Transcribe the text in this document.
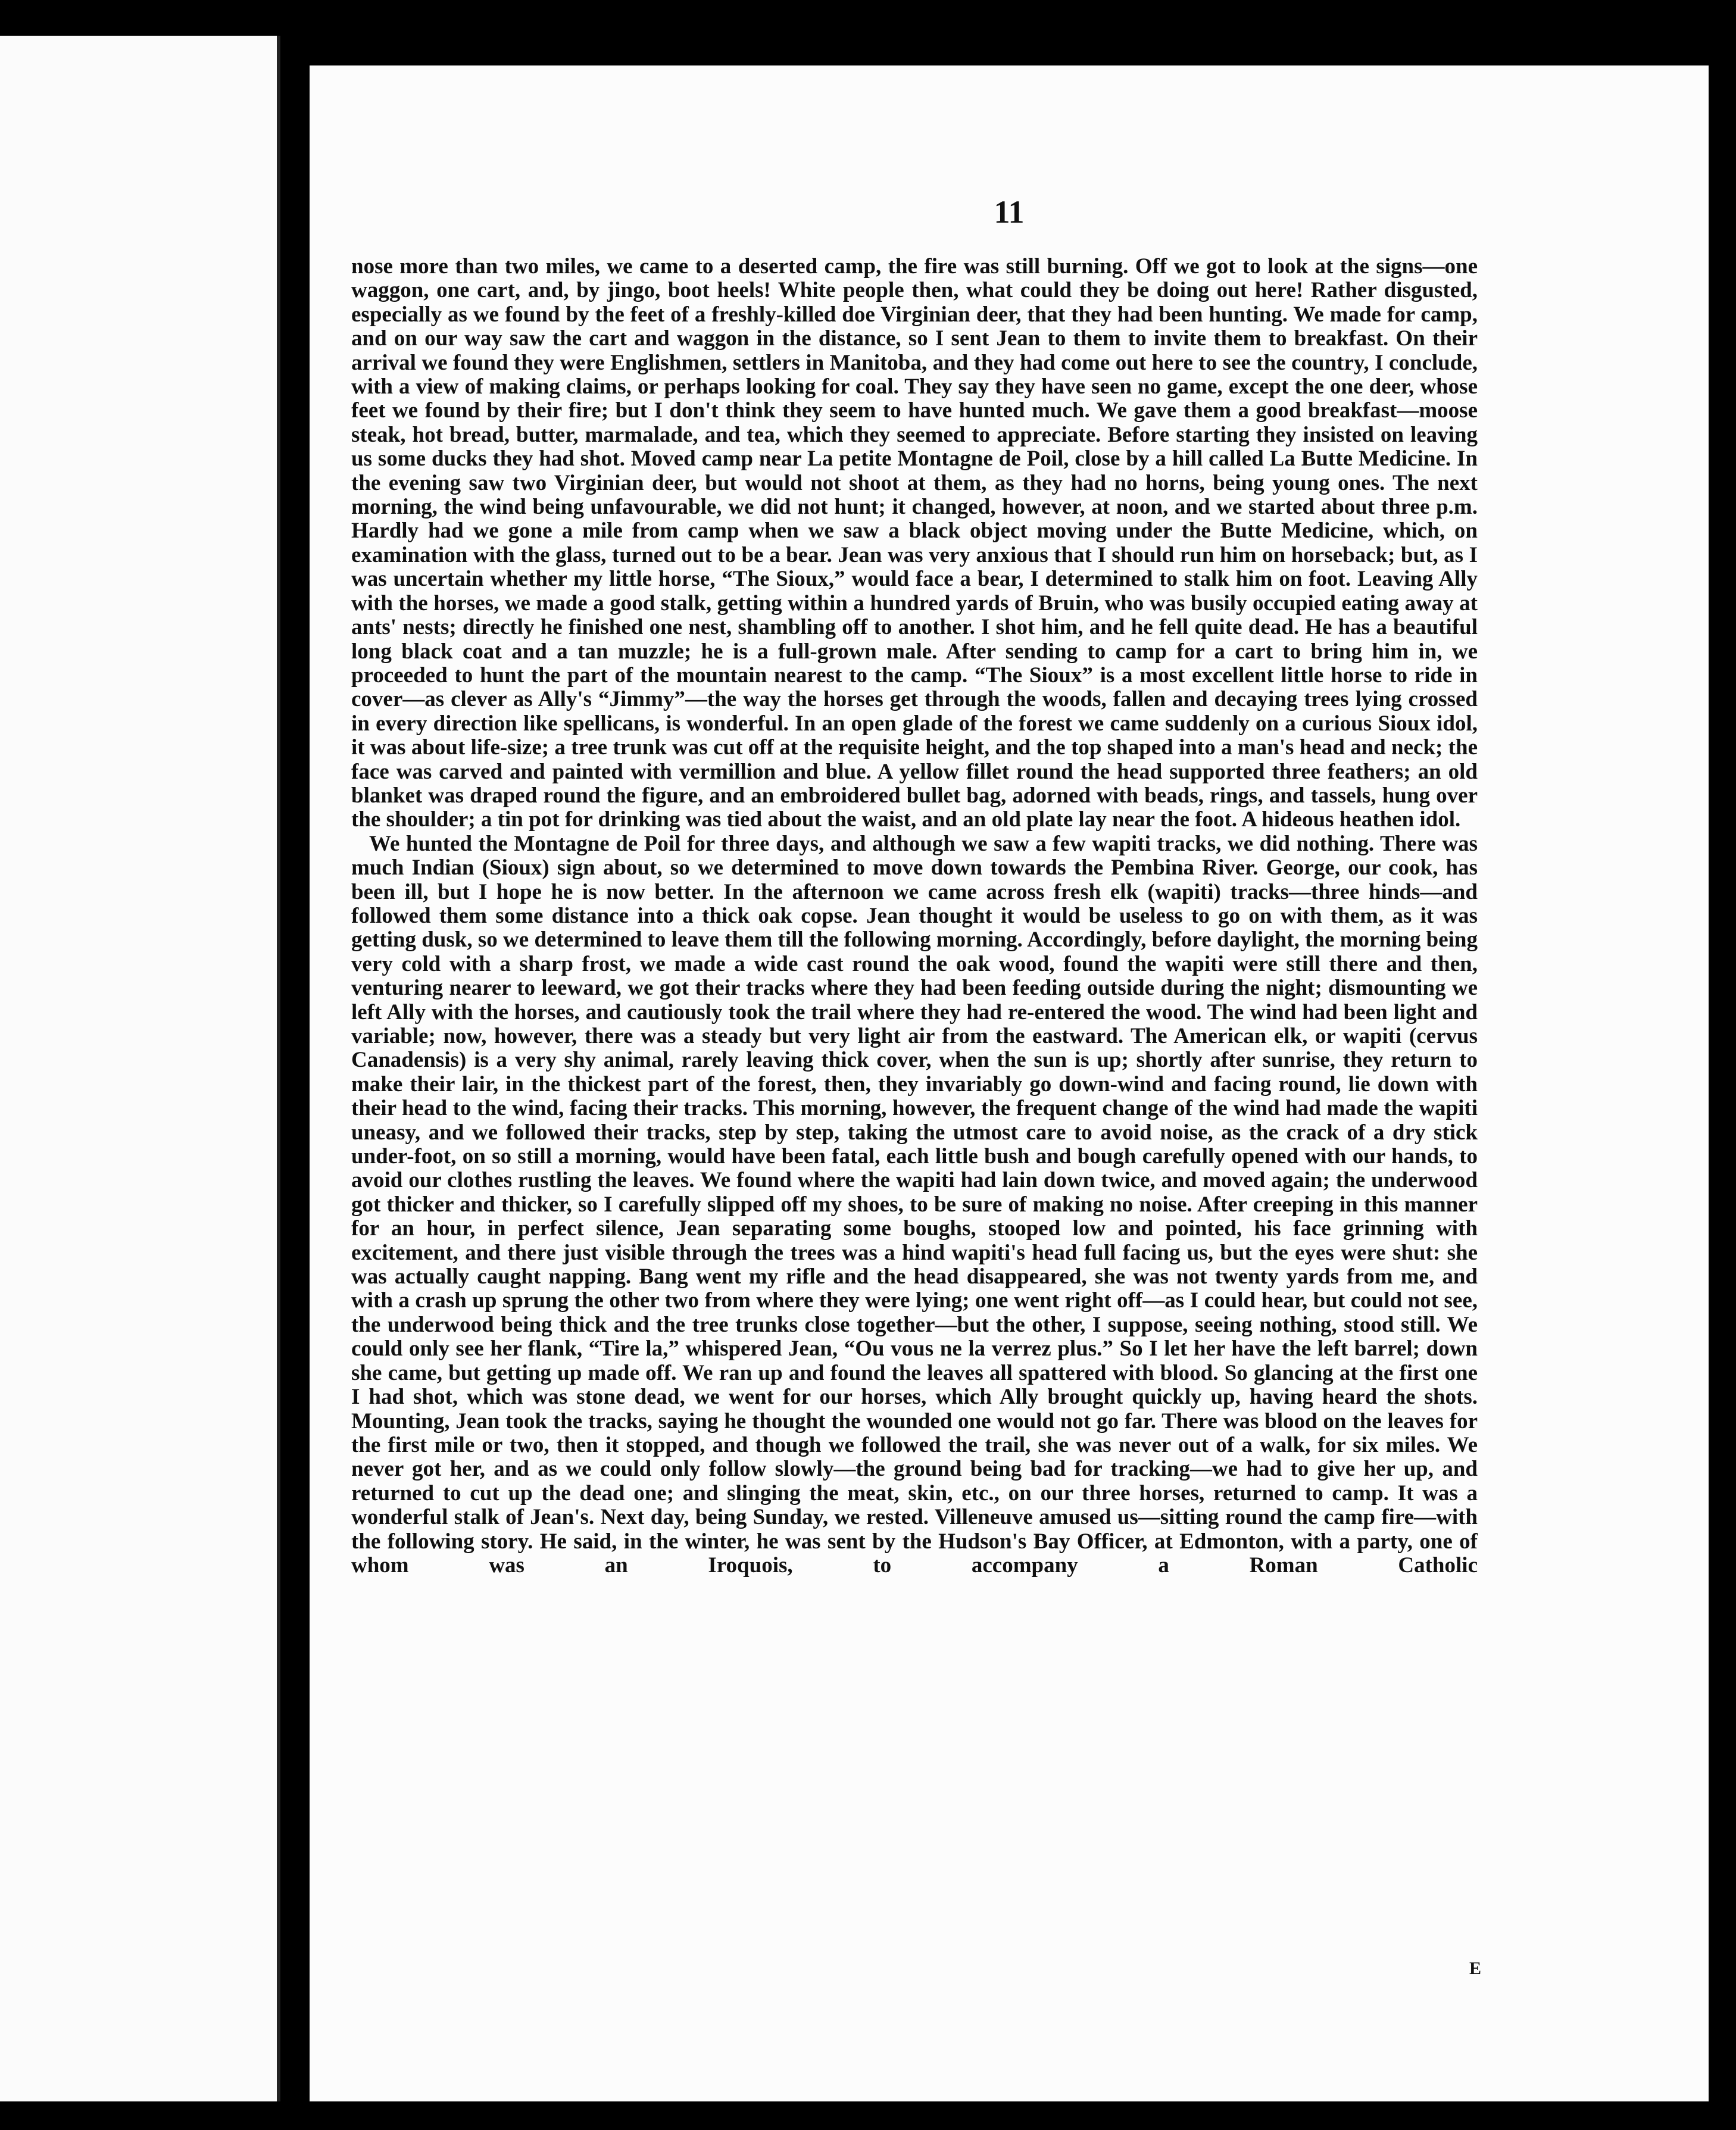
11

nose more than two miles, we came to a deserted camp, the fire was still burning. Off we got to look at the signs—one waggon, one cart, and, by jingo, boot heels! White people then, what could they be doing out here! Rather disgusted, especially as we found by the feet of a freshly-killed doe Virginian deer, that they had been hunting. We made for camp, and on our way saw the cart and waggon in the distance, so I sent Jean to them to invite them to breakfast. On their arrival we found they were Englishmen, settlers in Manitoba, and they had come out here to see the country, I conclude, with a view of making claims, or perhaps looking for coal. They say they have seen no game, except the one deer, whose feet we found by their fire; but I don't think they seem to have hunted much. We gave them a good breakfast—moose steak, hot bread, butter, marmalade, and tea, which they seemed to appreciate. Before starting they insisted on leaving us some ducks they had shot. Moved camp near La petite Montagne de Poil, close by a hill called La Butte Medicine. In the evening saw two Virginian deer, but would not shoot at them, as they had no horns, being young ones. The next morning, the wind being unfavourable, we did not hunt; it changed, however, at noon, and we started about three p.m. Hardly had we gone a mile from camp when we saw a black object moving under the Butte Medicine, which, on examination with the glass, turned out to be a bear. Jean was very anxious that I should run him on horseback; but, as I was uncertain whether my little horse, “The Sioux,” would face a bear, I determined to stalk him on foot. Leaving Ally with the horses, we made a good stalk, getting within a hundred yards of Bruin, who was busily occupied eating away at ants' nests; directly he finished one nest, shambling off to another. I shot him, and he fell quite dead. He has a beautiful long black coat and a tan muzzle; he is a full-grown male. After sending to camp for a cart to bring him in, we proceeded to hunt the part of the mountain nearest to the camp. “The Sioux” is a most excellent little horse to ride in cover—as clever as Ally's “Jimmy”—the way the horses get through the woods, fallen and decaying trees lying crossed in every direction like spellicans, is wonderful. In an open glade of the forest we came suddenly on a curious Sioux idol, it was about life-size; a tree trunk was cut off at the requisite height, and the top shaped into a man's head and neck; the face was carved and painted with vermillion and blue. A yellow fillet round the head supported three feathers; an old blanket was draped round the figure, and an embroidered bullet bag, adorned with beads, rings, and tassels, hung over the shoulder; a tin pot for drinking was tied about the waist, and an old plate lay near the foot. A hideous heathen idol.

We hunted the Montagne de Poil for three days, and although we saw a few wapiti tracks, we did nothing. There was much Indian (Sioux) sign about, so we determined to move down towards the Pembina River. George, our cook, has been ill, but I hope he is now better. In the afternoon we came across fresh elk (wapiti) tracks—three hinds—and followed them some distance into a thick oak copse. Jean thought it would be useless to go on with them, as it was getting dusk, so we determined to leave them till the following morning. Accordingly, before daylight, the morning being very cold with a sharp frost, we made a wide cast round the oak wood, found the wapiti were still there and then, venturing nearer to leeward, we got their tracks where they had been feeding outside during the night; dismounting we left Ally with the horses, and cautiously took the trail where they had re-entered the wood. The wind had been light and variable; now, however, there was a steady but very light air from the eastward. The American elk, or wapiti (cervus Canadensis) is a very shy animal, rarely leaving thick cover, when the sun is up; shortly after sunrise, they return to make their lair, in the thickest part of the forest, then, they invariably go down-wind and facing round, lie down with their head to the wind, facing their tracks. This morning, however, the frequent change of the wind had made the wapiti uneasy, and we followed their tracks, step by step, taking the utmost care to avoid noise, as the crack of a dry stick under-foot, on so still a morning, would have been fatal, each little bush and bough carefully opened with our hands, to avoid our clothes rustling the leaves. We found where the wapiti had lain down twice, and moved again; the underwood got thicker and thicker, so I carefully slipped off my shoes, to be sure of making no noise. After creeping in this manner for an hour, in perfect silence, Jean separating some boughs, stooped low and pointed, his face grinning with excitement, and there just visible through the trees was a hind wapiti's head full facing us, but the eyes were shut: she was actually caught napping. Bang went my rifle and the head disappeared, she was not twenty yards from me, and with a crash up sprung the other two from where they were lying; one went right off—as I could hear, but could not see, the underwood being thick and the tree trunks close together—but the other, I suppose, seeing nothing, stood still. We could only see her flank, “Tire la,” whispered Jean, “Ou vous ne la verrez plus.” So I let her have the left barrel; down she came, but getting up made off. We ran up and found the leaves all spattered with blood. So glancing at the first one I had shot, which was stone dead, we went for our horses, which Ally brought quickly up, having heard the shots. Mounting, Jean took the tracks, saying he thought the wounded one would not go far. There was blood on the leaves for the first mile or two, then it stopped, and though we followed the trail, she was never out of a walk, for six miles. We never got her, and as we could only follow slowly—the ground being bad for tracking—we had to give her up, and returned to cut up the dead one; and slinging the meat, skin, etc., on our three horses, returned to camp. It was a wonderful stalk of Jean's. Next day, being Sunday, we rested. Villeneuve amused us—sitting round the camp fire—with the following story. He said, in the winter, he was sent by the Hudson's Bay Officer, at Edmonton, with a party, one of whom was an Iroquois, to accompany a Roman Catholic

E
